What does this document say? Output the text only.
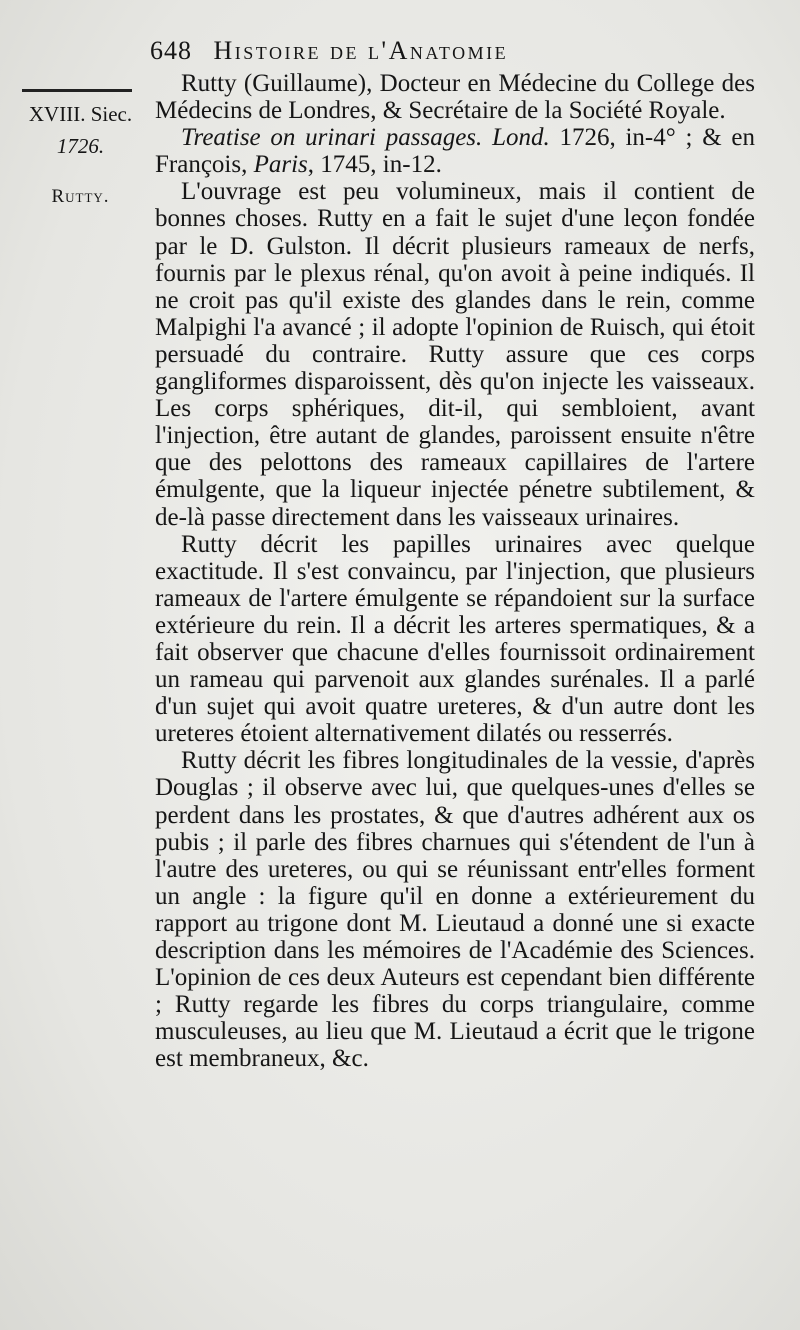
648 Histoire de l'Anatomie
XVIII. Siec.
1726.
Rutty.

Rutty (Guillaume), Docteur en Médecine du College des Médecins de Londres, & Secrétaire de la Société Royale.

Treatise on urinari passages. Lond. 1726, in-4° ; & en François, Paris, 1745, in-12.

L'ouvrage est peu volumineux, mais il contient de bonnes choses. Rutty en a fait le sujet d'une leçon fondée par le D. Gulston. Il décrit plusieurs rameaux de nerfs, fournis par le plexus rénal, qu'on avoit à peine indiqués. Il ne croit pas qu'il existe des glandes dans le rein, comme Malpighi l'a avancé ; il adopte l'opinion de Ruisch, qui étoit persuadé du contraire. Rutty assure que ces corps gangliformes disparoissent, dès qu'on injecte les vaisseaux. Les corps sphériques, dit-il, qui sembloient, avant l'injection, être autant de glandes, paroissent ensuite n'être que des pelottons des rameaux capillaires de l'artere émulgente, que la liqueur injectée pénetre subtilement, & de-là passe directement dans les vaisseaux urinaires.

Rutty décrit les papilles urinaires avec quelque exactitude. Il s'est convaincu, par l'injection, que plusieurs rameaux de l'artere émulgente se répandoient sur la surface extérieure du rein. Il a décrit les arteres spermatiques, & a fait observer que chacune d'elles fournissoit ordinairement un rameau qui parvenoit aux glandes surénales. Il a parlé d'un sujet qui avoit quatre ureteres, & d'un autre dont les ureteres étoient alternativement dilatés ou resserrés.

Rutty décrit les fibres longitudinales de la vessie, d'après Douglas ; il observe avec lui, que quelques-unes d'elles se perdent dans les prostates, & que d'autres adhérent aux os pubis ; il parle des fibres charnues qui s'étendent de l'un à l'autre des ureteres, ou qui se réunissant entr'elles forment un angle : la figure qu'il en donne a extérieurement du rapport au trigone dont M. Lieutaud a donné une si exacte description dans les mémoires de l'Académie des Sciences. L'opinion de ces deux Auteurs est cependant bien différente ; Rutty regarde les fibres du corps triangulaire, comme musculeuses, au lieu que M. Lieutaud a écrit que le trigone est membraneux, &c.
